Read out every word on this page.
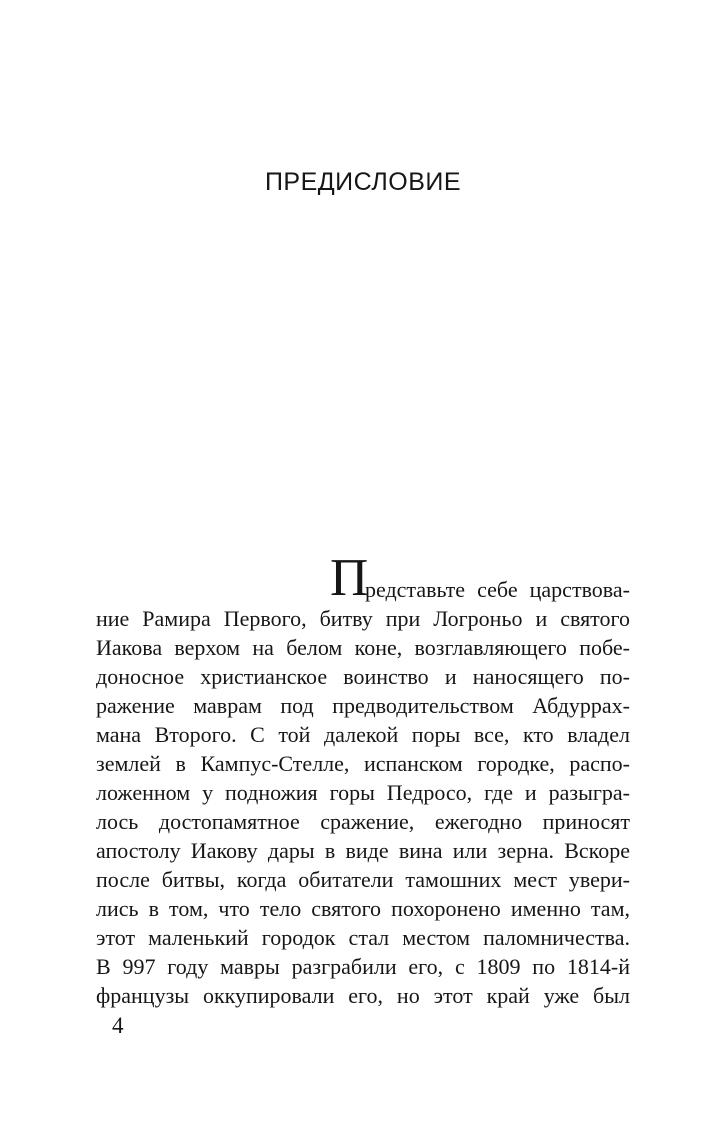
ПРЕДИСЛОВИЕ
П
редставьте себе царствова-
ние Рамира Первого, битву при Логроньо и святого
Иакова верхом на белом коне, возглавляющего побе-
доносное христианское воинство и наносящего по-
ражение маврам под предводительством Абдуррах-
мана Второго. С той далекой поры все, кто владел
землей в Кампус-Стелле, испанском городке, распо-
ложенном у подножия горы Педросо, где и разыгра-
лось достопамятное сражение, ежегодно приносят
апостолу Иакову дары в виде вина или зерна. Вскоре
после битвы, когда обитатели тамошних мест увери-
лись в том, что тело святого похоронено именно там,
этот маленький городок стал местом паломничества.
В 997 году мавры разграбили его, с 1809 по 1814-й
французы оккупировали его, но этот край уже был
4
